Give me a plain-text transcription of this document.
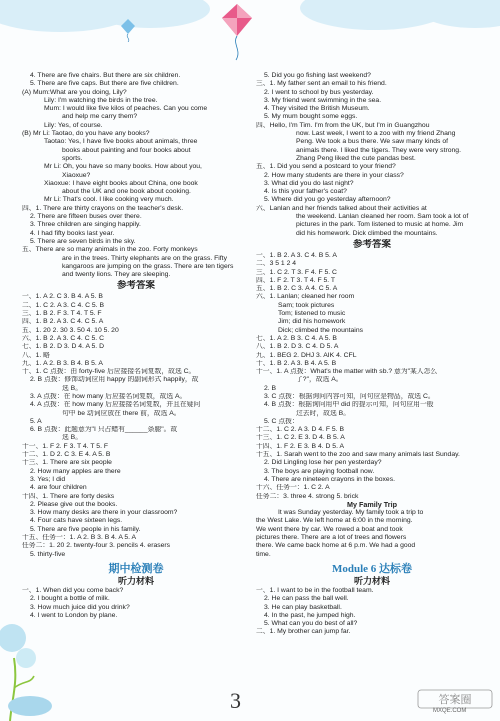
4. There are five chairs. But there are six children.
5. There are five caps. But there are five children.
(A) Mum:What are you doing, Lily?
Lily: I'm watching the birds in the tree.
Mum: I would like five kilos of peaches. Can you come
and help me carry them?
Lily: Yes, of course.
(B) Mr Li: Taotao, do you have any books?
Taotao: Yes, I have five books about animals, three
books about painting and four books about
sports.
Mr Li: Oh, you have so many books. How about you,
Xiaoxue?
Xiaoxue: I have eight books about China, one book
about the UK and one book about cooking.
Mr Li: That's cool. I like cooking very much.
四、1. There are thirty crayons on the teacher's desk.
2. There are fifteen buses over there.
3. Three children are singing happily.
4. I had fifty books last year.
5. There are seven birds in the sky.
五、There are so many animals in the zoo. Forty monkeys
are in the trees. Thirty elephants are on the grass. Fifty
kangaroos are jumping on the grass. There are ten tigers
and twenty lions. They are sleeping.
参考答案
一、1. A 2. C 3. B 4. A 5. B
二、1. C 2. A 3. C 4. C 5. B
三、1. B 2. F 3. T 4. T 5. F
四、1. B 2. A 3. C 4. C 5. A
五、1. 20 2. 30 3. 50 4. 10 5. 20
六、1. B 2. A 3. C 4. C 5. C
七、1. B 2. D 3. D 4. A 5. D
八、1. 略
九、1. A 2. B 3. B 4. B 5. A
十、1. C 点拨：由 forty-five 后应接接名词复数，故选 C。
2. B 点拨：修饰动词应用 happy 的副词形式 happily，故
选 B。
3. A 点拨：在 how many 后应接名词复数，故选 A。
4. A 点拨：在 how many 后应接接名词复数，并且在疑问
句中 be 动词应放在 there 前，故选 A。
5. A
6. B 点拨：此题意为"I 只占蜡有______条腿"。故
选 B。
十一、1. F 2. F 3. T 4. T 5. F
十二、1. D 2. C 3. E 4. A 5. B
十三、1. There are six people
2. How many apples are there
3. Yes; I did
4. are four children
十四、1. There are forty desks
2. Please give out the books.
3. How many desks are there in your classroom?
4. Four cats have sixteen legs.
5. There are five people in his family.
十五、任务一：1. A 2. B 3. B 4. A 5. A
任务二：1. 20 2. twenty-four 3. pencils 4. erasers
5. thirty-five
期中检测卷
听力材料
一、1. When did you come back?
2. I bought a bottle of milk.
3. How much juice did you drink?
4. I went to London by plane.
5. Did you go fishing last weekend?
三、1. My father sent an email to his friend.
2. I went to school by bus yesterday.
3. My friend went swimming in the sea.
4. They visited the British Museum.
5. My mum bought some eggs.
四、Hello, I'm Tim. I'm from the UK, but I'm in Guangzhou
now. Last week, I went to a zoo with my friend Zhang
Peng. We took a bus there. We saw many kinds of
animals there. I liked the tigers. They were very strong.
Zhang Peng liked the cute pandas best.
五、1. Did you send a postcard to your friend?
2. How many students are there in your class?
3. What did you do last night?
4. Is this your father's coat?
5. Where did you go yesterday afternoon?
六、Lanlan and her friends talked about their activities at
the weekend. Lanlan cleaned her room. Sam took a lot of
pictures in the park. Tom listened to music at home. Jim
did his homework. Dick climbed the mountains.
参考答案
一、1. B 2. A 3. C 4. B 5. A
二、3 5 1 2 4
三、1. C 2. T 3. F 4. F 5. C
四、1. F 2. T 3. T 4. F 5. T
五、1. B 2. C 3. A 4. C 5. A
六、1. Lanlan; cleaned her room
Sam; took pictures
Tom; listened to music
Jim; did his homework
Dick; climbed the mountains
七、1. A 2. B 3. C 4. A 5. B
八、1. B 2. D 3. C 4. D 5. A
九、1. BEG 2. DHJ 3. AIK 4. CFL
十、1. B 2. A 3. B 4. A 5. B
十一、1. A 点拨：What's the matter with sb.? 意为"某人怎么
了?"，故选 A。
2. B
3. C 点拨：根据询问内容可知，问句应是物品，故选 C。
4. B 点拨：根据询问用中 did 的提示可知，问句应用一般
过去时，故选 B。
5. C 点拨：
十二、1. C 2. A 3. D 4. F 5. B
十三、1. C 2. E 3. D 4. B 5. A
十四、1. F 2. E 3. B 4. D 5. A
十五、1. Sarah went to the zoo and saw many animals last Sunday.
2. Did Lingling lose her pen yesterday?
3. The boys are playing football now.
4. There are nineteen crayons in the boxes.
十六、任务一：1. C 2. A
任务二：3. three 4. strong 5. brick
My Family Trip
It was Sunday yesterday. My family took a trip to
the West Lake. We left home at 6:00 in the morning.
We went there by car. We rowed a boat and took
pictures there. There are a lot of trees and flowers
there. We came back home at 6 p.m. We had a good
time.
Module 6 达标卷
听力材料
一、1. I want to be in the football team.
2. He can pass the ball well.
3. He can play basketball.
4. In the past, he jumped high.
5. What can you do best of all?
二、1. My brother can jump far.
3	答案圈
MXQE.COM
